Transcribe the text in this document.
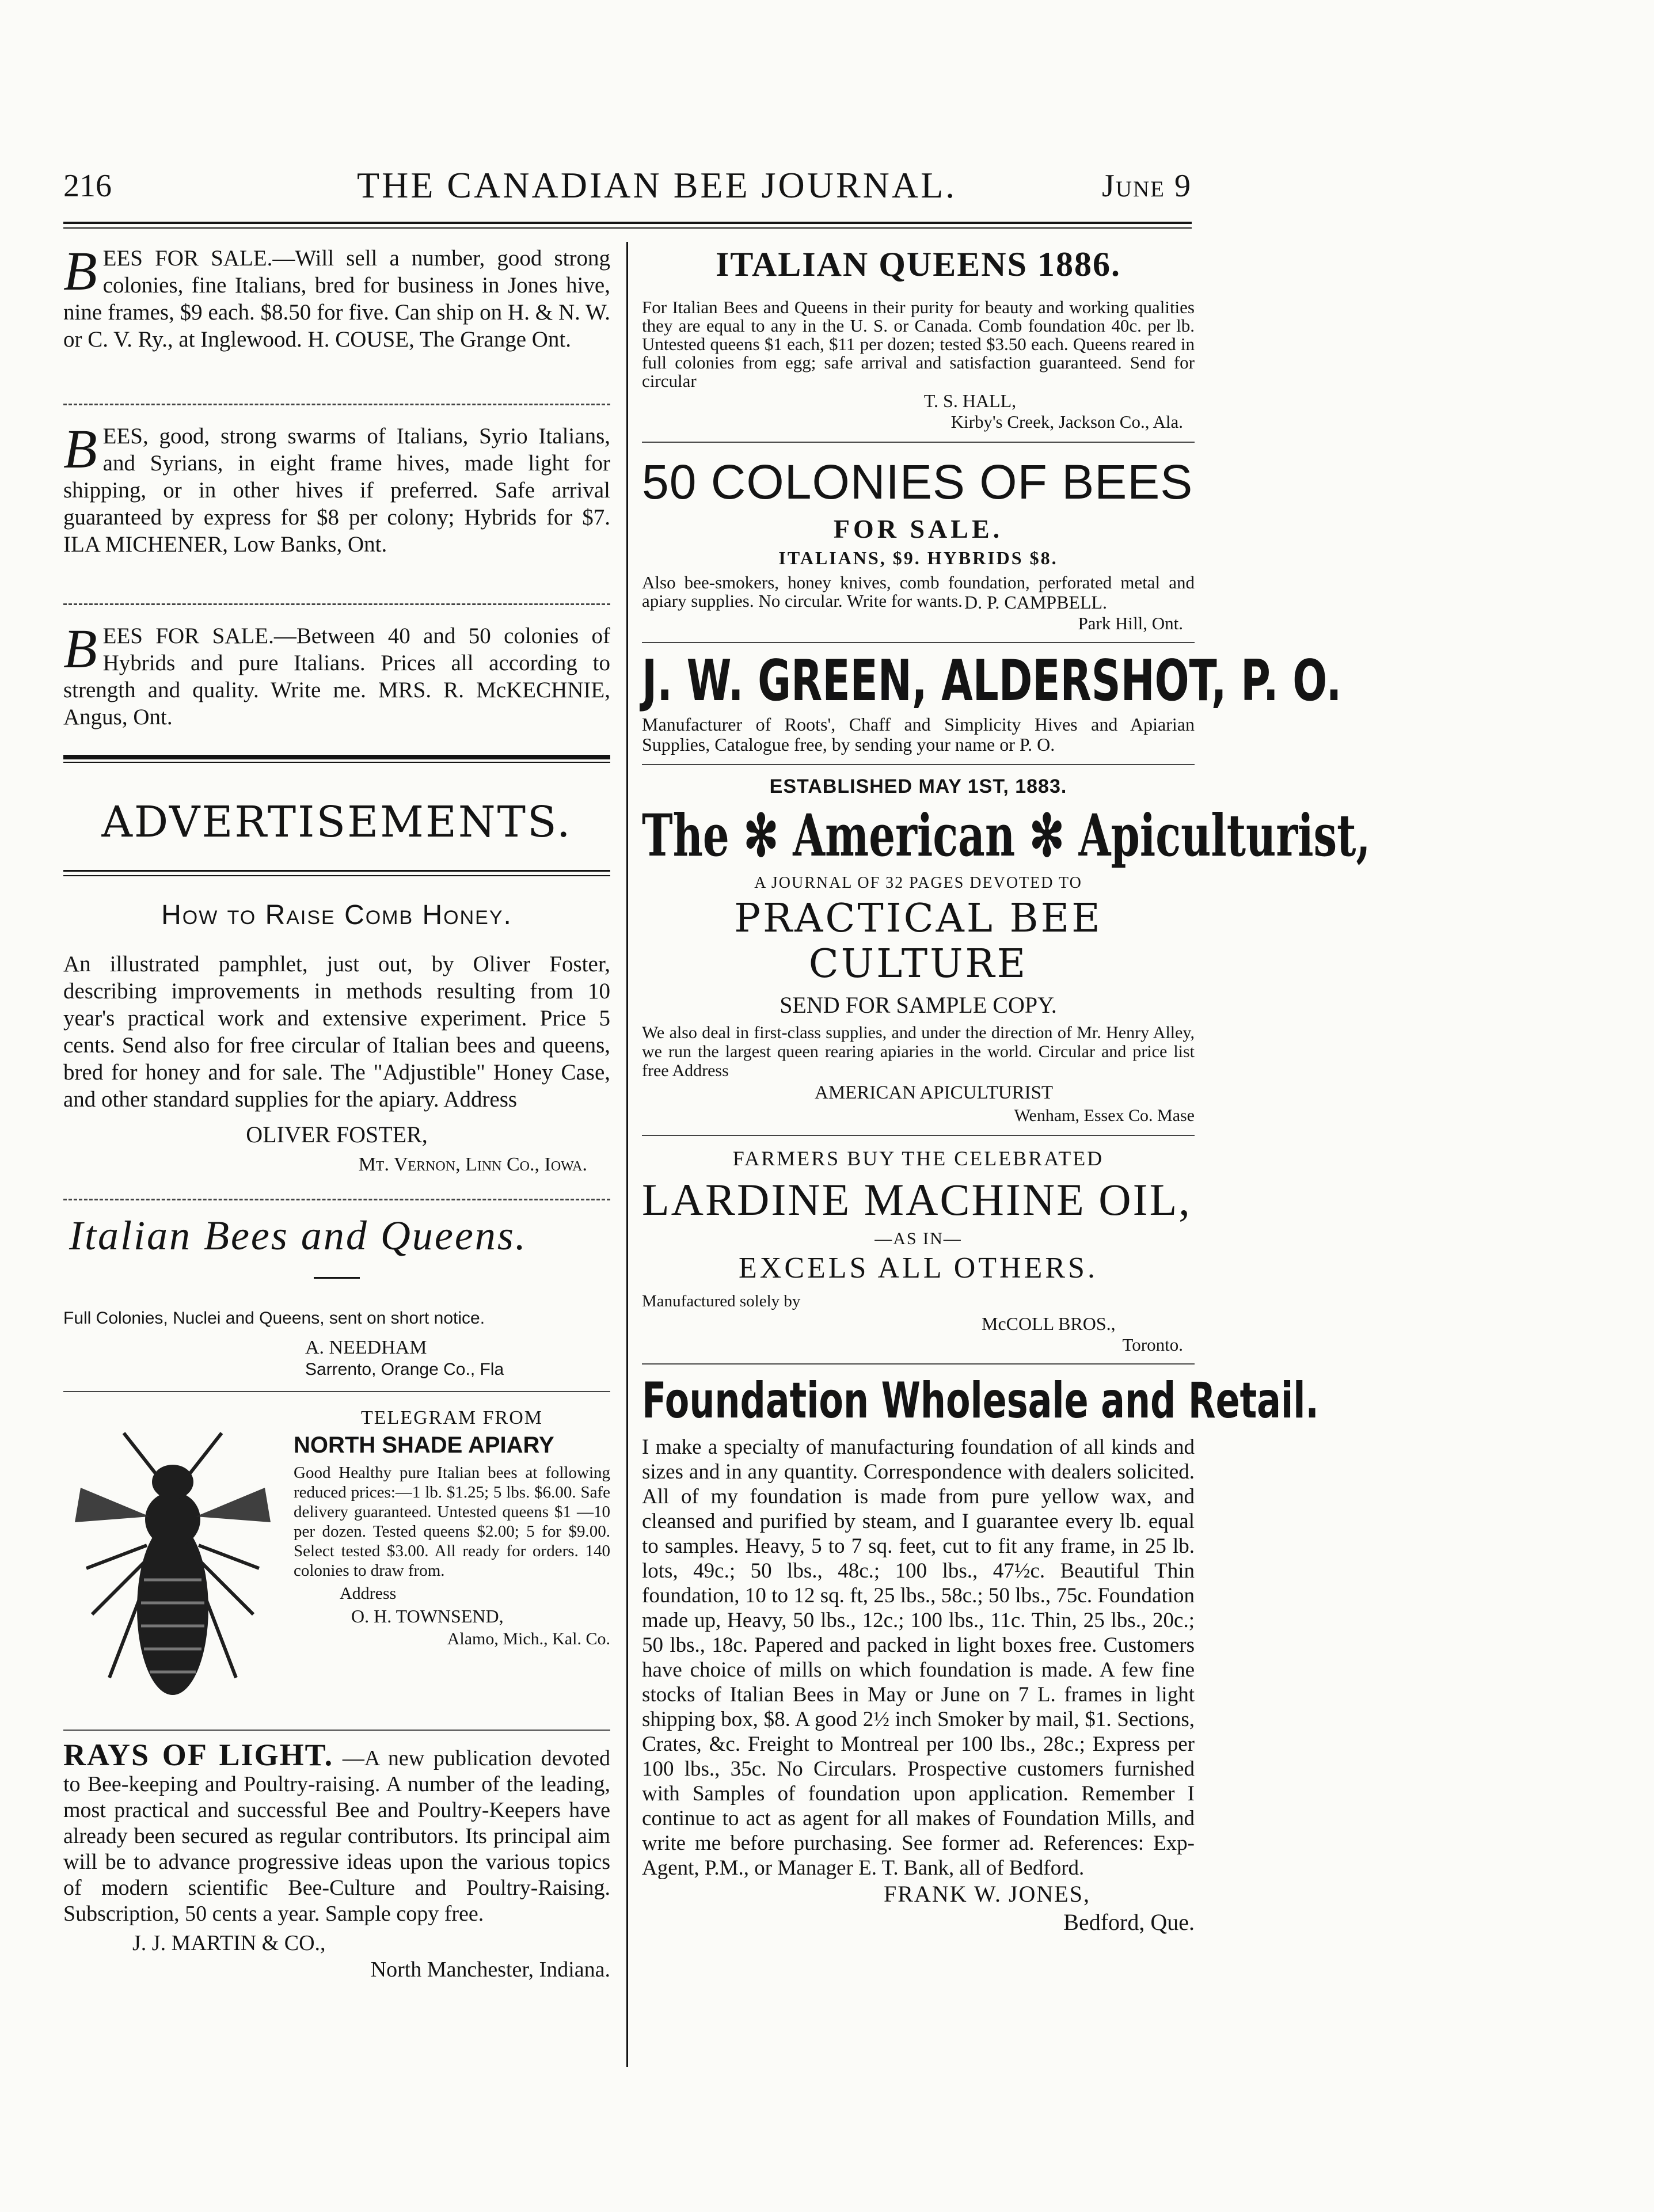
216	THE CANADIAN BEE JOURNAL.	June 9

B EES FOR SALE.—Will sell a number, good strong colonies, fine Italians, bred for business in Jones hive, nine frames, $9 each. $8.50 for five. Can ship on H. & N. W. or C. V. Ry., at Inglewood. H. COUSE, The Grange Ont.

B EES, good, strong swarms of Italians, Syrio Italians, and Syrians, in eight frame hives, made light for shipping, or in other hives if preferred. Safe arrival guaranteed by express for $8 per colony; Hybrids for $7. ILA MICHENER, Low Banks, Ont.

B EES FOR SALE.—Between 40 and 50 colonies of Hybrids and pure Italians. Prices all according to strength and quality. Write me. MRS. R. McKECHNIE, Angus, Ont.

ADVERTISEMENTS.
How to Raise Comb Honey.

An illustrated pamphlet, just out, by Oliver Foster, describing improvements in methods resulting from 10 year's practical work and extensive experiment. Price 5 cents. Send also for free circular of Italian bees and queens, bred for honey and for sale. The "Adjustible" Honey Case, and other standard supplies for the apiary. Address

OLIVER FOSTER,
Mt. Vernon, Linn Co., Iowa.
Italian Bees and Queens.

Full Colonies, Nuclei and Queens, sent on short notice.

A. NEEDHAM
Sarrento, Orange Co., Fla
TELEGRAM FROM
NORTH SHADE APIARY

Good Healthy pure Italian bees at following reduced prices:—1 lb. $1.25; 5 lbs. $6.00. Safe delivery guaranteed. Untested queens $1 —10 per dozen. Tested queens $2.00; 5 for $9.00. Select tested $3.00. All ready for orders. 140 colonies to draw from.

Address
O. H. TOWNSEND,
Alamo, Mich., Kal. Co.

RAYS OF LIGHT. —A new publication devoted to Bee-keeping and Poultry-raising. A number of the leading, most practical and successful Bee and Poultry-Keepers have already been secured as regular contributors. Its principal aim will be to advance progressive ideas upon the various topics of modern scientific Bee-Culture and Poultry-Raising. Subscription, 50 cents a year. Sample copy free.

J. J. MARTIN & CO.,
North Manchester, Indiana.
ITALIAN QUEENS 1886.

For Italian Bees and Queens in their purity for beauty and working qualities they are equal to any in the U. S. or Canada. Comb foundation 40c. per lb. Untested queens $1 each, $11 per dozen; tested $3.50 each. Queens reared in full colonies from egg; safe arrival and satisfaction guaranteed. Send for circular

T. S. HALL,
Kirby's Creek, Jackson Co., Ala.
50 COLONIES OF BEES
FOR SALE.
ITALIANS, $9. HYBRIDS $8.

Also bee-smokers, honey knives, comb foundation, perforated metal and apiary supplies. No circular. Write for wants. D. P. CAMPBELL.
Park Hill, Ont.
J. W. GREEN, ALDERSHOT, P. O.

Manufacturer of Roots', Chaff and Simplicity Hives and Apiarian Supplies, Catalogue free, by sending your name or P. O.

ESTABLISHED MAY 1ST, 1883.
The ✻ American ✻ Apiculturist,
A JOURNAL OF 32 PAGES DEVOTED TO
PRACTICAL BEE CULTURE
SEND FOR SAMPLE COPY.

We also deal in first-class supplies, and under the direction of Mr. Henry Alley, we run the largest queen rearing apiaries in the world. Circular and price list free Address

AMERICAN APICULTURIST
Wenham, Essex Co. Mase
FARMERS BUY THE CELEBRATED
LARDINE MACHINE OIL,
—AS IN—
EXCELS ALL OTHERS.
Manufactured solely by
McCOLL BROS.,
Toronto.
Foundation Wholesale and Retail.

I make a specialty of manufacturing foundation of all kinds and sizes and in any quantity. Correspondence with dealers solicited. All of my foundation is made from pure yellow wax, and cleansed and purified by steam, and I guarantee every lb. equal to samples. Heavy, 5 to 7 sq. feet, cut to fit any frame, in 25 lb. lots, 49c.; 50 lbs., 48c.; 100 lbs., 47½c. Beautiful Thin foundation, 10 to 12 sq. ft, 25 lbs., 58c.; 50 lbs., 75c. Foundation made up, Heavy, 50 lbs., 12c.; 100 lbs., 11c. Thin, 25 lbs., 20c.; 50 lbs., 18c. Papered and packed in light boxes free. Customers have choice of mills on which foundation is made. A few fine stocks of Italian Bees in May or June on 7 L. frames in light shipping box, $8. A good 2½ inch Smoker by mail, $1. Sections, Crates, &c. Freight to Montreal per 100 lbs., 28c.; Express per 100 lbs., 35c. No Circulars. Prospective customers furnished with Samples of foundation upon application. Remember I continue to act as agent for all makes of Foundation Mills, and write me before purchasing. See former ad. References: Exp-Agent, P.M., or Manager E. T. Bank, all of Bedford.

FRANK W. JONES,
Bedford, Que.
